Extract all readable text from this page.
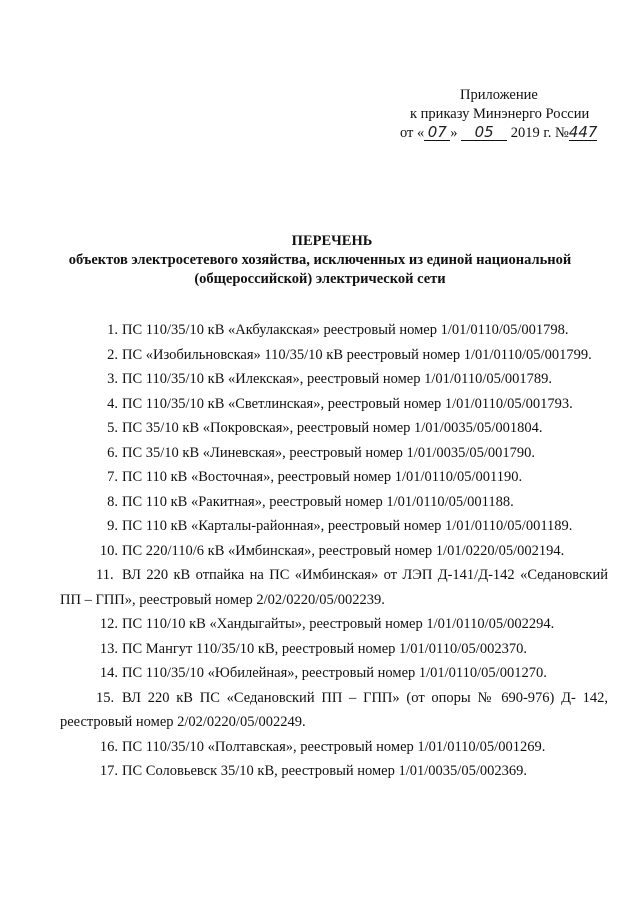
Приложение
к приказу Минэнерго России
от « 07 » 05 2019 г. №447
ПЕРЕЧЕНЬ
объектов электросетевого хозяйства, исключенных из единой национальной
(общероссийской) электрической сети

1. ПС 110/35/10 кВ «Акбулакская» реестровый номер 1/01/0110/05/001798.

2. ПС «Изобильновская» 110/35/10 кВ реестровый номер 1/01/0110/05/001799.

3. ПС 110/35/10 кВ «Илекская», реестровый номер 1/01/0110/05/001789.

4. ПС 110/35/10 кВ «Светлинская», реестровый номер 1/01/0110/05/001793.

5. ПС 35/10 кВ «Покровская», реестровый номер 1/01/0035/05/001804.

6. ПС 35/10 кВ «Линевская», реестровый номер 1/01/0035/05/001790.

7. ПС 110 кВ «Восточная», реестровый номер 1/01/0110/05/001190.

8. ПС 110 кВ «Ракитная», реестровый номер 1/01/0110/05/001188.

9. ПС 110 кВ «Карталы-районная», реестровый номер 1/01/0110/05/001189.

10. ПС 220/110/6 кВ «Имбинская», реестровый номер 1/01/0220/05/002194.

11. ВЛ 220 кВ отпайка на ПС «Имбинская» от ЛЭП Д-141/Д-142 «Седановский ПП – ГПП», реестровый номер 2/02/0220/05/002239.

12. ПС 110/10 кВ «Хандыгайты», реестровый номер 1/01/0110/05/002294.

13. ПС Мангут 110/35/10 кВ, реестровый номер 1/01/0110/05/002370.

14. ПС 110/35/10 «Юбилейная», реестровый номер 1/01/0110/05/001270.

15. ВЛ 220 кВ ПС «Седановский ПП – ГПП» (от опоры № 690-976) Д- 142, реестровый номер 2/02/0220/05/002249.

16. ПС 110/35/10 «Полтавская», реестровый номер 1/01/0110/05/001269.

17. ПС Соловьевск 35/10 кВ, реестровый номер 1/01/0035/05/002369.
